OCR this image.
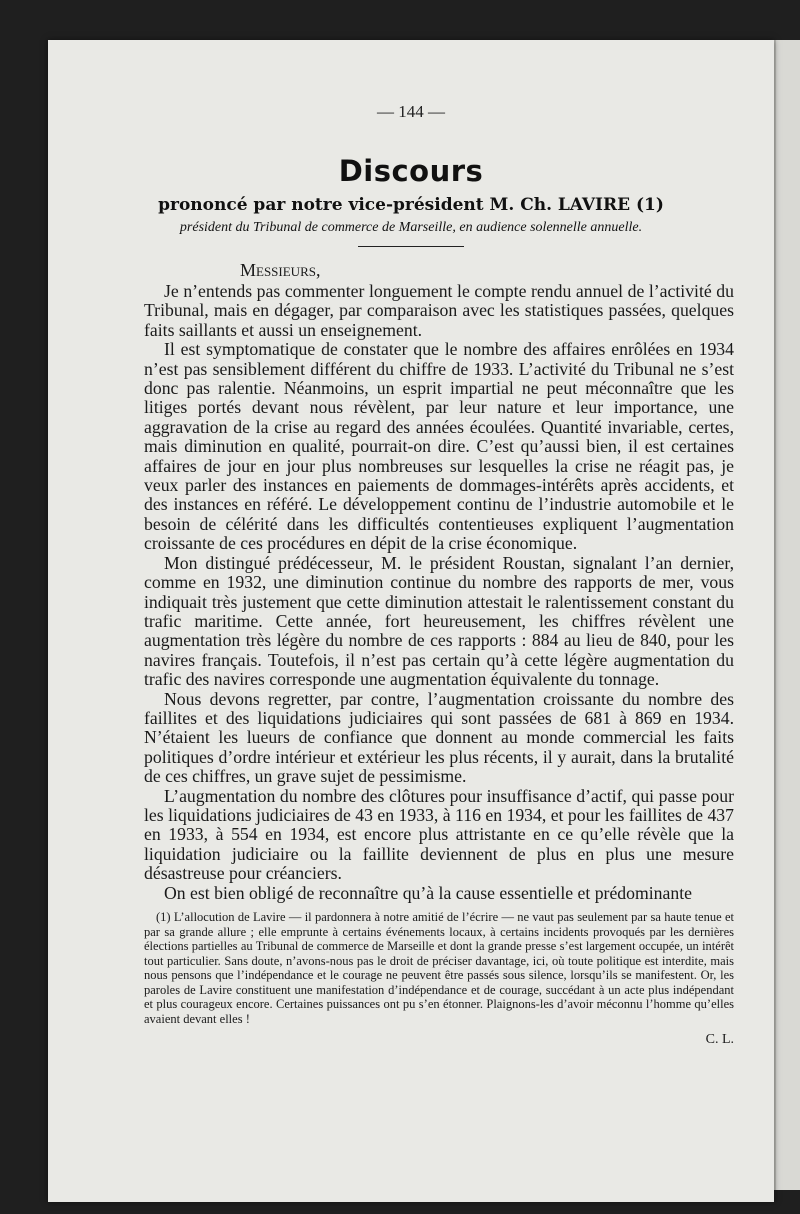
— 144 —
Discours
prononcé par notre vice-président M. Ch. LAVIRE (1)
président du Tribunal de commerce de Marseille, en audience solennelle annuelle.

Messieurs,

Je n’entends pas commenter longuement le compte rendu annuel de l’activité du Tribunal, mais en dégager, par comparaison avec les statistiques passées, quelques faits saillants et aussi un enseignement.

Il est symptomatique de constater que le nombre des affaires enrôlées en 1934 n’est pas sensiblement différent du chiffre de 1933. L’activité du Tribunal ne s’est donc pas ralentie. Néanmoins, un esprit impartial ne peut méconnaître que les litiges portés devant nous révèlent, par leur nature et leur importance, une aggravation de la crise au regard des années écoulées. Quantité invariable, certes, mais diminution en qualité, pourrait-on dire. C’est qu’aussi bien, il est certaines affaires de jour en jour plus nombreuses sur lesquelles la crise ne réagit pas, je veux parler des instances en paiements de dommages-intérêts après accidents, et des instances en référé. Le développement continu de l’industrie automobile et le besoin de célérité dans les difficultés contentieuses expliquent l’augmentation croissante de ces procédures en dépit de la crise économique.

Mon distingué prédécesseur, M. le président Roustan, signalant l’an dernier, comme en 1932, une diminution continue du nombre des rapports de mer, vous indiquait très justement que cette diminution attestait le ralentissement constant du trafic maritime. Cette année, fort heureusement, les chiffres révèlent une augmentation très légère du nombre de ces rapports : 884 au lieu de 840, pour les navires français. Toutefois, il n’est pas certain qu’à cette légère augmentation du trafic des navires corresponde une augmentation équivalente du tonnage.

Nous devons regretter, par contre, l’augmentation croissante du nombre des faillites et des liquidations judiciaires qui sont passées de 681 à 869 en 1934. N’étaient les lueurs de confiance que donnent au monde commercial les faits politiques d’ordre intérieur et extérieur les plus récents, il y aurait, dans la brutalité de ces chiffres, un grave sujet de pessimisme.

L’augmentation du nombre des clôtures pour insuffisance d’actif, qui passe pour les liquidations judiciaires de 43 en 1933, à 116 en 1934, et pour les faillites de 437 en 1933, à 554 en 1934, est encore plus attristante en ce qu’elle révèle que la liquidation judiciaire ou la faillite deviennent de plus en plus une mesure désastreuse pour créanciers.

On est bien obligé de reconnaître qu’à la cause essentielle et prédominante

(1) L’allocution de Lavire — il pardonnera à notre amitié de l’écrire — ne vaut pas seulement par sa haute tenue et par sa grande allure ; elle emprunte à certains événements locaux, à certains incidents provoqués par les dernières élections partielles au Tribunal de commerce de Marseille et dont la grande presse s’est largement occupée, un intérêt tout particulier. Sans doute, n’avons-nous pas le droit de préciser davantage, ici, où toute politique est interdite, mais nous pensons que l’indépendance et le courage ne peuvent être passés sous silence, lorsqu’ils se manifestent. Or, les paroles de Lavire constituent une manifestation d’indépendance et de courage, succédant à un acte plus indépendant et plus courageux encore. Certaines puissances ont pu s’en étonner. Plaignons-les d’avoir méconnu l’homme qu’elles avaient devant elles !

C. L.
